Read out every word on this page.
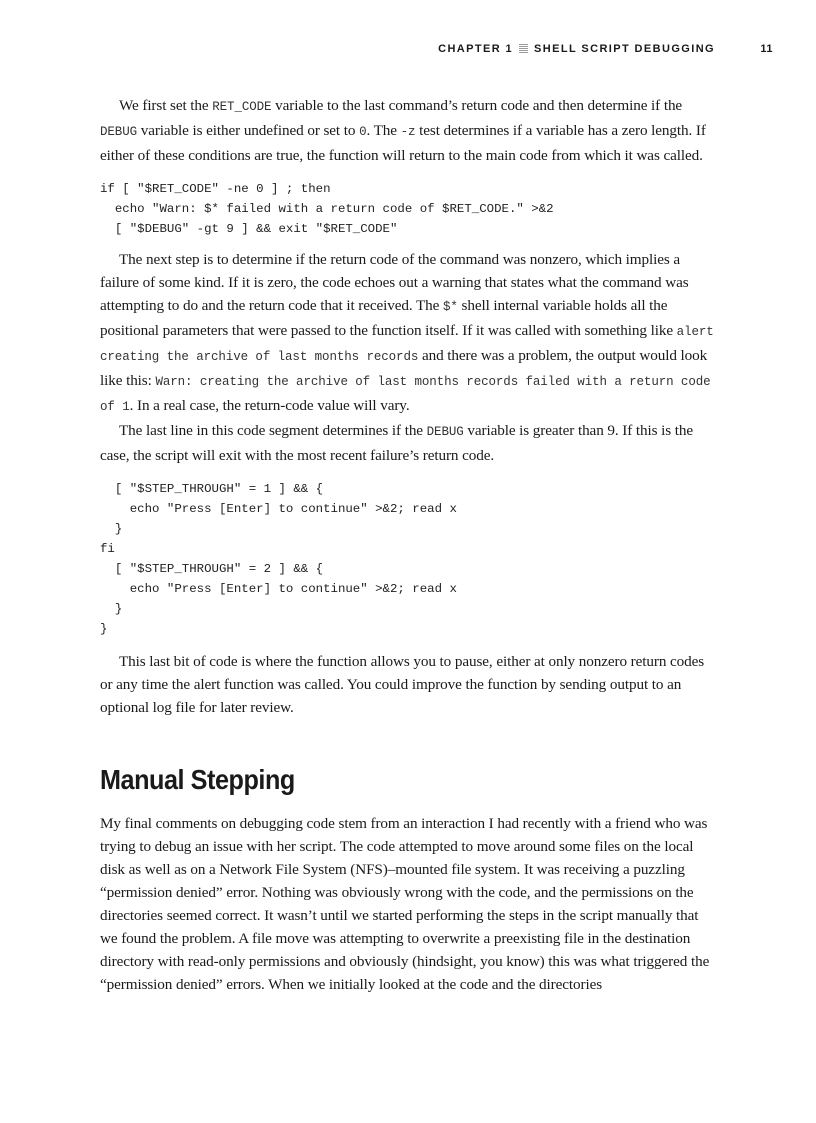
CHAPTER 1 SHELL SCRIPT DEBUGGING	11

We first set the RET_CODE variable to the last command’s return code and then determine if the DEBUG variable is either undefined or set to 0. The -z test determines if a variable has a zero length. If either of these conditions are true, the function will return to the main code from which it was called.

if [ "$RET_CODE" -ne 0 ] ; then
echo "Warn: $* failed with a return code of $RET_CODE." >&2
[ "$DEBUG" -gt 9 ] && exit "$RET_CODE"

The next step is to determine if the return code of the command was nonzero, which implies a failure of some kind. If it is zero, the code echoes out a warning that states what the command was attempting to do and the return code that it received. The $* shell internal variable holds all the positional parameters that were passed to the function itself. If it was called with something like alert creating the archive of last months records and there was a problem, the output would look like this: Warn: creating the archive of last months records failed with a return code of 1. In a real case, the return-code value will vary.

The last line in this code segment determines if the DEBUG variable is greater than 9. If this is the case, the script will exit with the most recent failure’s return code.

[ "$STEP_THROUGH" = 1 ] && {
echo "Press [Enter] to continue" >&2; read x
}
fi
[ "$STEP_THROUGH" = 2 ] && {
echo "Press [Enter] to continue" >&2; read x
}
}

This last bit of code is where the function allows you to pause, either at only nonzero return codes or any time the alert function was called. You could improve the function by sending output to an optional log file for later review.

Manual Stepping

My final comments on debugging code stem from an interaction I had recently with a friend who was trying to debug an issue with her script. The code attempted to move around some files on the local disk as well as on a Network File System (NFS)–mounted file system. It was receiving a puzzling “permission denied” error. Nothing was obviously wrong with the code, and the permissions on the directories seemed correct. It wasn’t until we started performing the steps in the script manually that we found the problem. A file move was attempting to overwrite a preexisting file in the destination directory with read-only permissions and obviously (hindsight, you know) this was what triggered the “permission denied” errors. When we initially looked at the code and the directories
